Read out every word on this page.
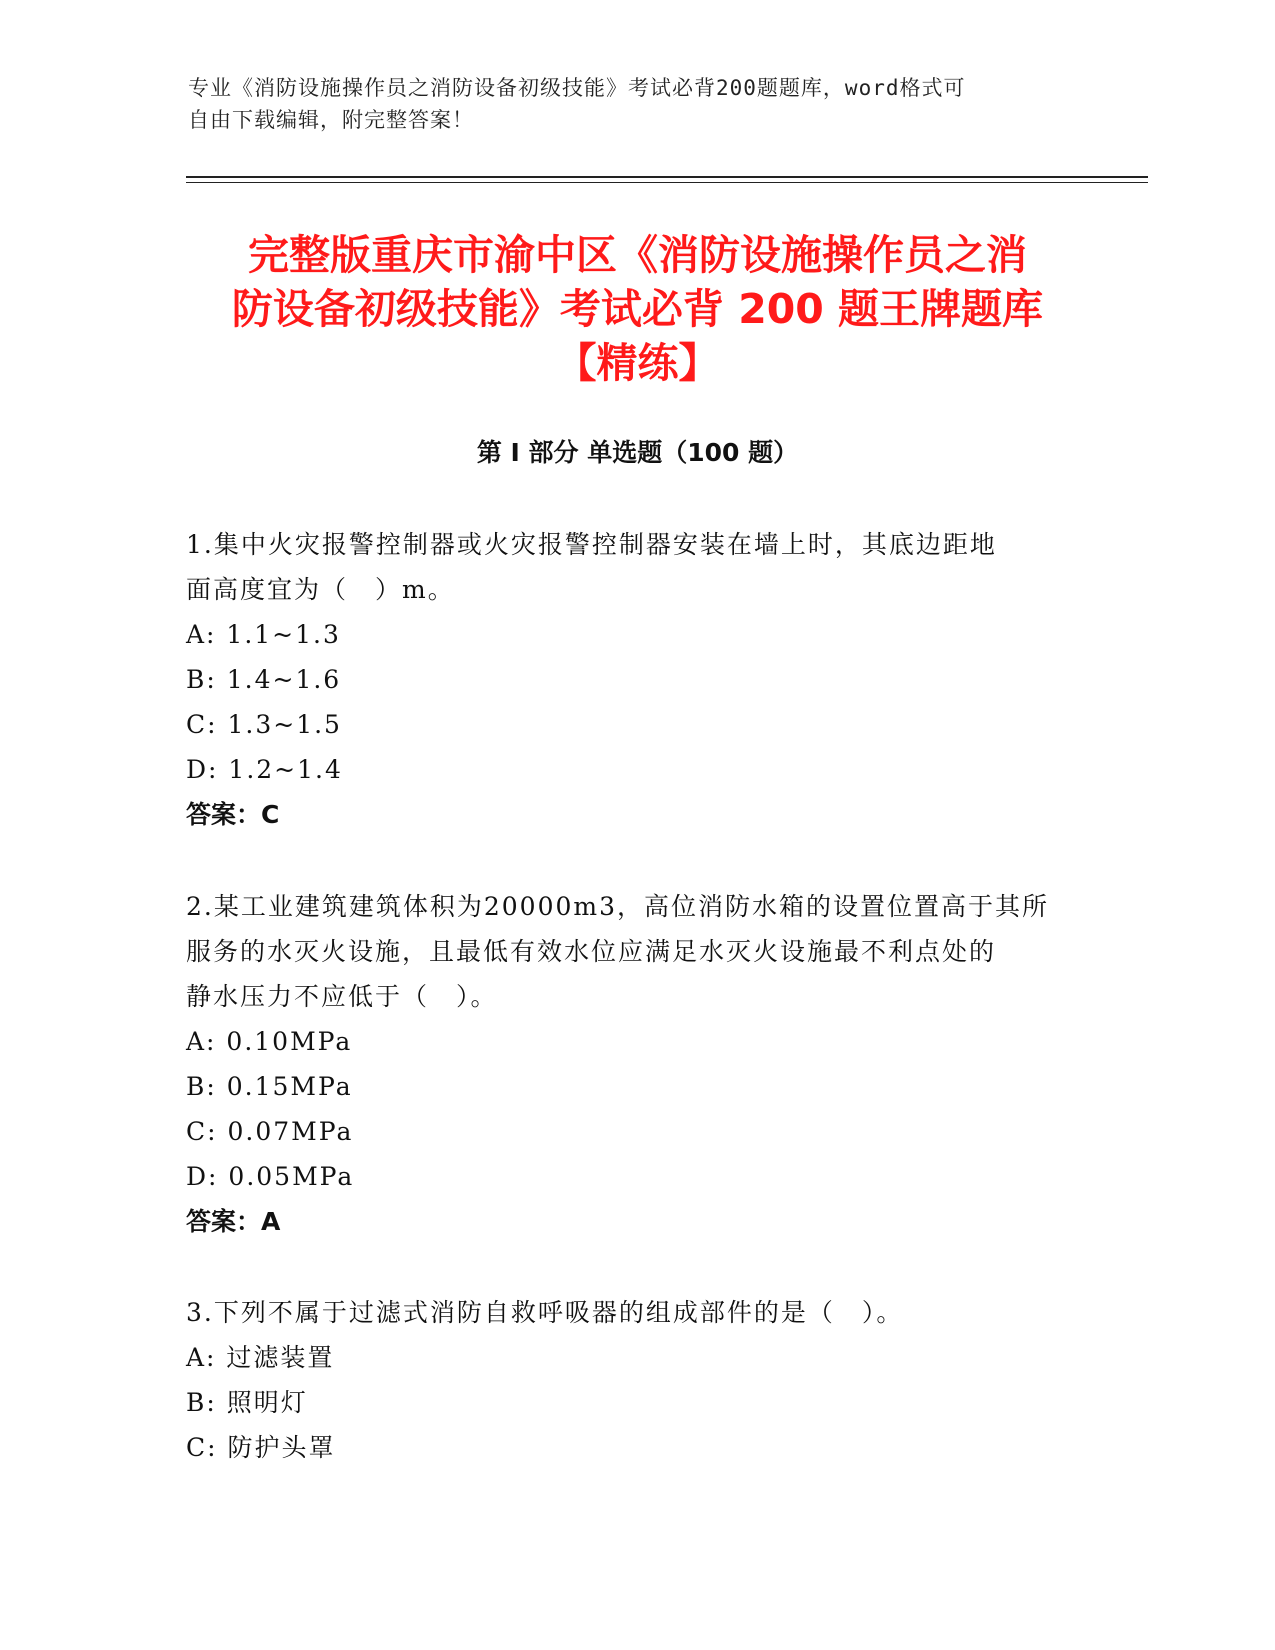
专业《消防设施操作员之消防设备初级技能》考试必背200题题库，word格式可
自由下载编辑，附完整答案！
完整版重庆市渝中区《消防设施操作员之消
防设备初级技能》考试必背 200 题王牌题库
【精练】
第 I 部分 单选题（100 题）

1.集中火灾报警控制器或火灾报警控制器安装在墙上时，其底边距地

面高度宜为（　）m。

A: 1.1~1.3

B: 1.4~1.6

C: 1.3~1.5

D: 1.2~1.4

答案：C

2.某工业建筑建筑体积为20000m3，高位消防水箱的设置位置高于其所

服务的水灭火设施，且最低有效水位应满足水灭火设施最不利点处的

静水压力不应低于（　）。

A: 0.10MPa

B: 0.15MPa

C: 0.07MPa

D: 0.05MPa

答案：A

3.下列不属于过滤式消防自救呼吸器的组成部件的是（　）。

A: 过滤装置

B: 照明灯

C: 防护头罩
